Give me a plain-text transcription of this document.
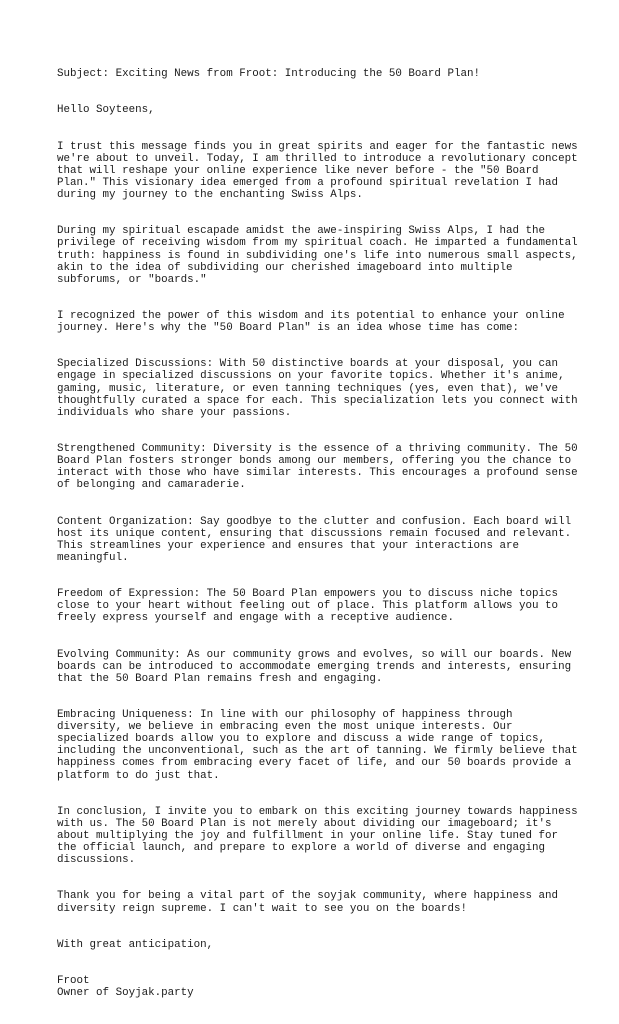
Subject: Exciting News from Froot: Introducing the 50 Board Plan!

Hello Soyteens,

I trust this message finds you in great spirits and eager for the fantastic news
we're about to unveil. Today, I am thrilled to introduce a revolutionary concept
that will reshape your online experience like never before - the "50 Board
Plan." This visionary idea emerged from a profound spiritual revelation I had
during my journey to the enchanting Swiss Alps.

During my spiritual escapade amidst the awe-inspiring Swiss Alps, I had the
privilege of receiving wisdom from my spiritual coach. He imparted a fundamental
truth: happiness is found in subdividing one's life into numerous small aspects,
akin to the idea of subdividing our cherished imageboard into multiple
subforums, or "boards."

I recognized the power of this wisdom and its potential to enhance your online
journey. Here's why the "50 Board Plan" is an idea whose time has come:

Specialized Discussions: With 50 distinctive boards at your disposal, you can
engage in specialized discussions on your favorite topics. Whether it's anime,
gaming, music, literature, or even tanning techniques (yes, even that), we've
thoughtfully curated a space for each. This specialization lets you connect with
individuals who share your passions.

Strengthened Community: Diversity is the essence of a thriving community. The 50
Board Plan fosters stronger bonds among our members, offering you the chance to
interact with those who have similar interests. This encourages a profound sense
of belonging and camaraderie.

Content Organization: Say goodbye to the clutter and confusion. Each board will
host its unique content, ensuring that discussions remain focused and relevant.
This streamlines your experience and ensures that your interactions are
meaningful.

Freedom of Expression: The 50 Board Plan empowers you to discuss niche topics
close to your heart without feeling out of place. This platform allows you to
freely express yourself and engage with a receptive audience.

Evolving Community: As our community grows and evolves, so will our boards. New
boards can be introduced to accommodate emerging trends and interests, ensuring
that the 50 Board Plan remains fresh and engaging.

Embracing Uniqueness: In line with our philosophy of happiness through
diversity, we believe in embracing even the most unique interests. Our
specialized boards allow you to explore and discuss a wide range of topics,
including the unconventional, such as the art of tanning. We firmly believe that
happiness comes from embracing every facet of life, and our 50 boards provide a
platform to do just that.

In conclusion, I invite you to embark on this exciting journey towards happiness
with us. The 50 Board Plan is not merely about dividing our imageboard; it's
about multiplying the joy and fulfillment in your online life. Stay tuned for
the official launch, and prepare to explore a world of diverse and engaging
discussions.

Thank you for being a vital part of the soyjak community, where happiness and
diversity reign supreme. I can't wait to see you on the boards!

With great anticipation,

Froot
Owner of Soyjak.party
